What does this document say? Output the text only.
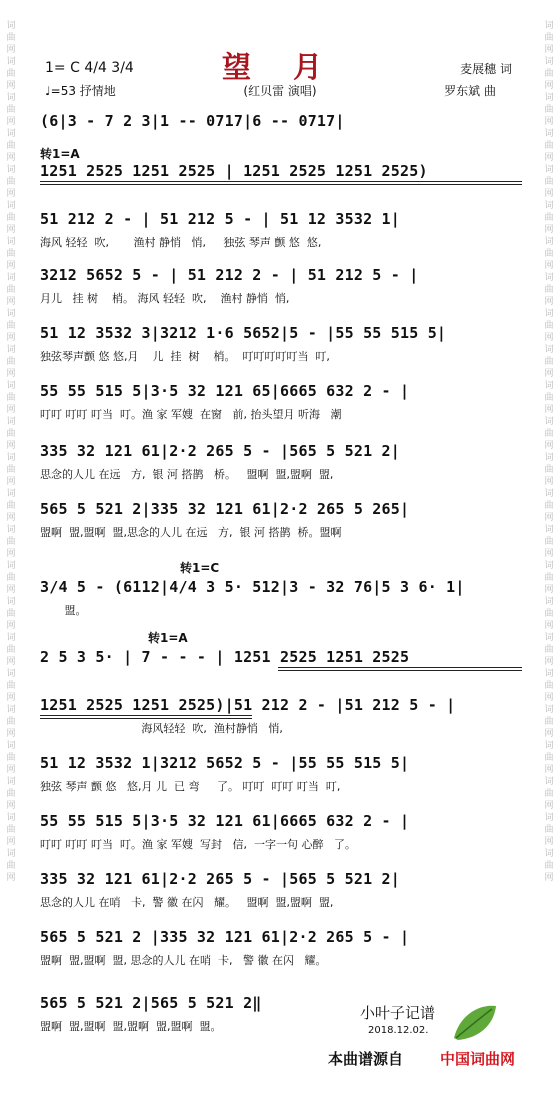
词曲网词曲网词曲网词曲网词曲网词曲网词曲网词曲网词曲网词曲网词曲网词曲网词曲网词曲网词曲网词曲网词曲网词曲网词曲网词曲网词曲网词曲网词曲网词曲网
词曲网词曲网词曲网词曲网词曲网词曲网词曲网词曲网词曲网词曲网词曲网词曲网词曲网词曲网词曲网词曲网词曲网词曲网词曲网词曲网词曲网词曲网词曲网词曲网
1= C 4/4 3/4
♩=53 抒情地
望 月
(红贝雷 演唱)
麦展穗 词
罗东斌 曲
(6|3 - 7 2 3|1 -- 0717|6 -- 0717|
转1=A
1251 2525 1251 2525 | 1251 2525 1251 2525)
51 212 2 - | 51 212 5 - | 51 12 3532 1|
海风 轻轻  吹,       渔村 静悄   悄,     独弦 琴声 颤 悠  悠,
3212 5652 5 - | 51 212 2 - | 51 212 5 - |
月儿   挂 树    梢。 海风 轻轻  吹,    渔村 静悄  悄,
51 12 3532 3|3212 1·6 5652|5 - |55 55 515 5|
独弦琴声颤 悠 悠,月    儿  挂  树    梢。  叮叮叮叮叮当  叮,
55 55 515 5|3·5 32 121 65|6665 632 2 - |
叮叮 叮叮 叮当  叮。渔 家 军嫂  在窗   前, 抬头望月 听海   潮
335 32 121 61|2·2 265 5 - |565 5 521 2|
思念的人儿 在远   方,  银 河 搭鹊   桥。   盟啊  盟,盟啊  盟,
565 5 521 2|335 32 121 61|2·2 265 5 265|
盟啊  盟,盟啊  盟,思念的人儿 在远   方,  银 河 搭鹊  桥。盟啊
转1=C
3/4 5 - (6112|4/4 3 5· 512|3 - 32 76|5 3 6· 1|
盟。
转1=A
2 5 3 5· | 7 - - - | 1251 2525 1251 2525
1251 2525 1251 2525)|51 212 2 - |51 212 5 - |
海风轻轻  吹,  渔村静悄   悄,
51 12 3532 1|3212 5652 5 - |55 55 515 5|
独弦 琴声 颤 悠   悠,月 儿  已 弯     了。 叮叮  叮叮 叮当  叮,
55 55 515 5|3·5 32 121 61|6665 632 2 - |
叮叮 叮叮 叮当  叮。渔 家 军嫂  写封   信,  一字一句 心醉   了。
335 32 121 61|2·2 265 5 - |565 5 521 2|
思念的人儿 在哨   卡,  警 徽 在闪   耀。   盟啊  盟,盟啊  盟,
565 5 521 2 |335 32 121 61|2·2 265 5 - |
盟啊  盟,盟啊  盟, 思念的人儿 在哨  卡,   警 徽 在闪   耀。
565 5 521 2|565 5 521 2‖
盟啊  盟,盟啊  盟,盟啊  盟,盟啊  盟。
小叶子记谱
2018.12.02.
本曲谱源自 中国词曲网
